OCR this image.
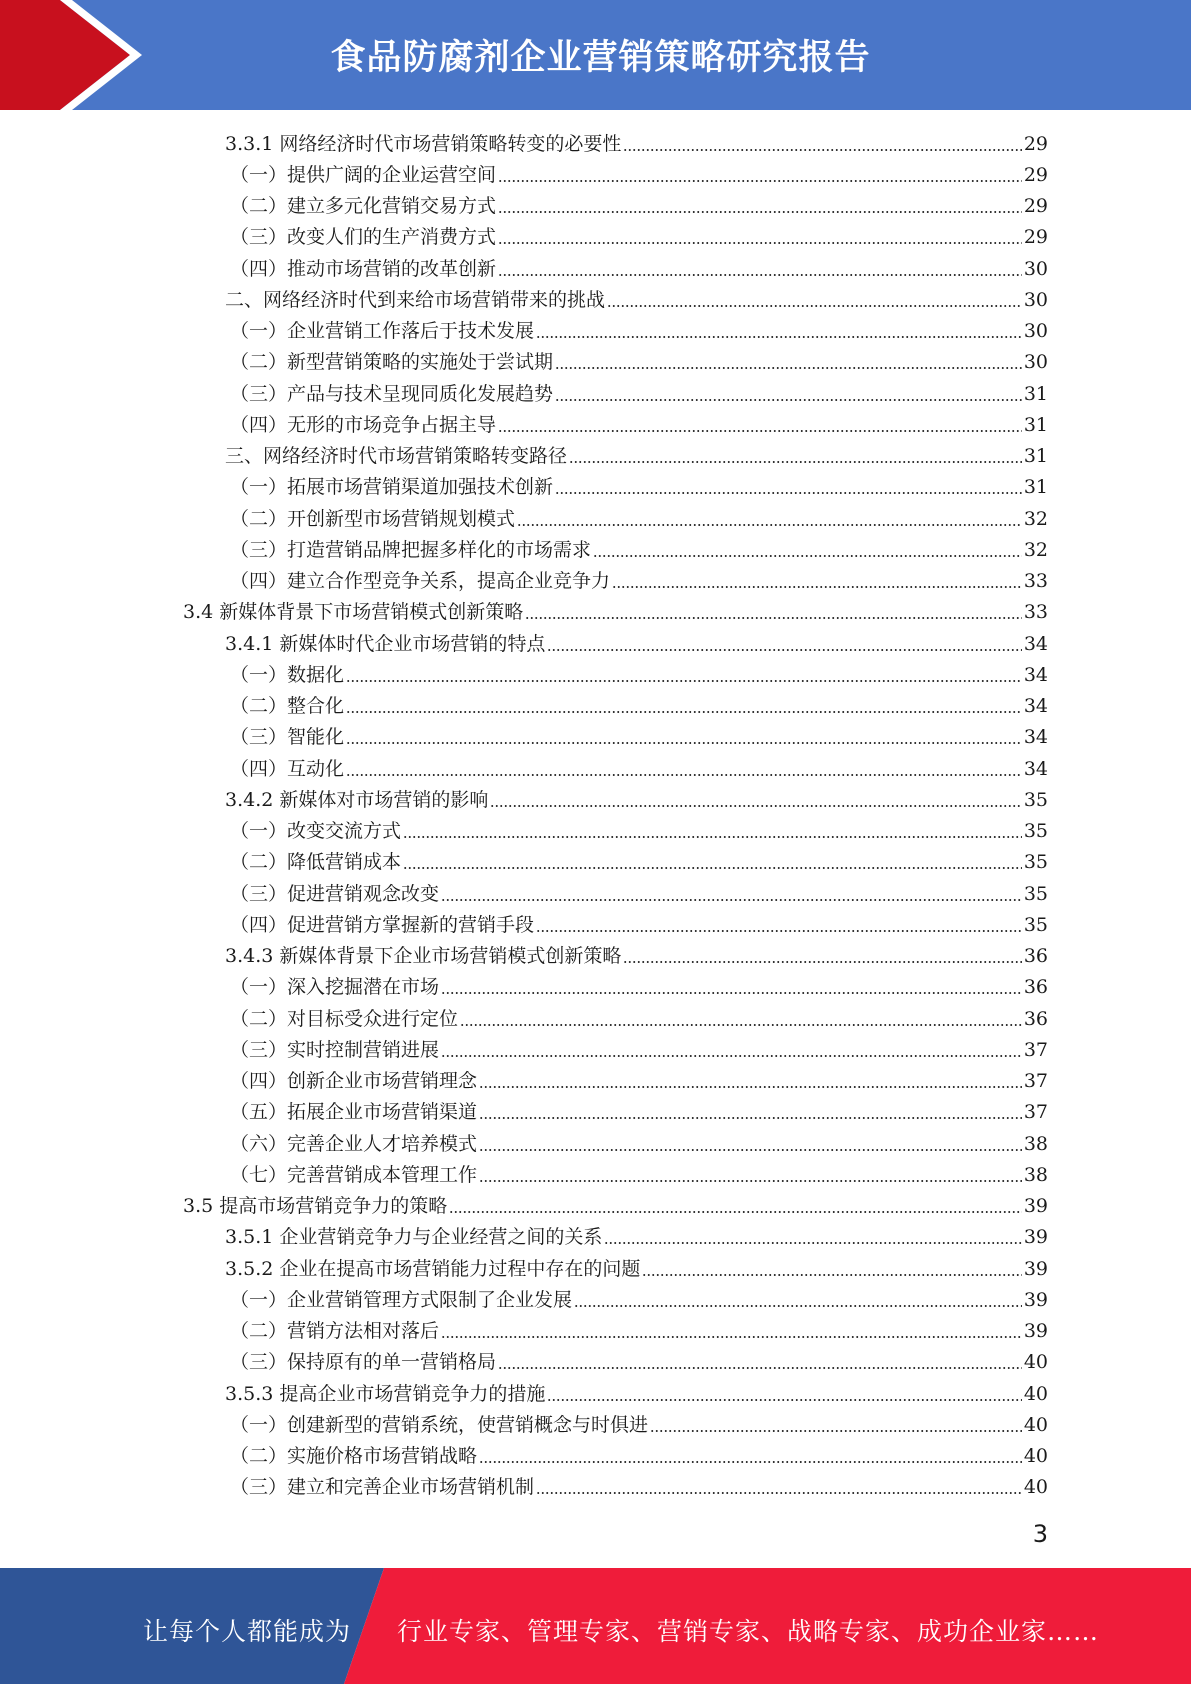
食品防腐剂企业营销策略研究报告
3.3.1 网络经济时代市场营销策略转变的必要性	29
（一）提供广阔的企业运营空间	29
（二）建立多元化营销交易方式	29
（三）改变人们的生产消费方式	29
（四）推动市场营销的改革创新	30
二、网络经济时代到来给市场营销带来的挑战	30
（一）企业营销工作落后于技术发展	30
（二）新型营销策略的实施处于尝试期	30
（三）产品与技术呈现同质化发展趋势	31
（四）无形的市场竞争占据主导	31
三、网络经济时代市场营销策略转变路径	31
（一）拓展市场营销渠道加强技术创新	31
（二）开创新型市场营销规划模式	32
（三）打造营销品牌把握多样化的市场需求	32
（四）建立合作型竞争关系，提高企业竞争力	33
3.4 新媒体背景下市场营销模式创新策略	33
3.4.1 新媒体时代企业市场营销的特点	34
（一）数据化	34
（二）整合化	34
（三）智能化	34
（四）互动化	34
3.4.2 新媒体对市场营销的影响	35
（一）改变交流方式	35
（二）降低营销成本	35
（三）促进营销观念改变	35
（四）促进营销方掌握新的营销手段	35
3.4.3 新媒体背景下企业市场营销模式创新策略	36
（一）深入挖掘潜在市场	36
（二）对目标受众进行定位	36
（三）实时控制营销进展	37
（四）创新企业市场营销理念	37
（五）拓展企业市场营销渠道	37
（六）完善企业人才培养模式	38
（七）完善营销成本管理工作	38
3.5 提高市场营销竞争力的策略	39
3.5.1 企业营销竞争力与企业经营之间的关系	39
3.5.2 企业在提高市场营销能力过程中存在的问题	39
（一）企业营销管理方式限制了企业发展	39
（二）营销方法相对落后	39
（三）保持原有的单一营销格局	40
3.5.3 提高企业市场营销竞争力的措施	40
（一）创建新型的营销系统，使营销概念与时俱进	40
（二）实施价格市场营销战略	40
（三）建立和完善企业市场营销机制	40
3
让每个人都能成为 行业专家、管理专家、营销专家、战略专家、成功企业家……
